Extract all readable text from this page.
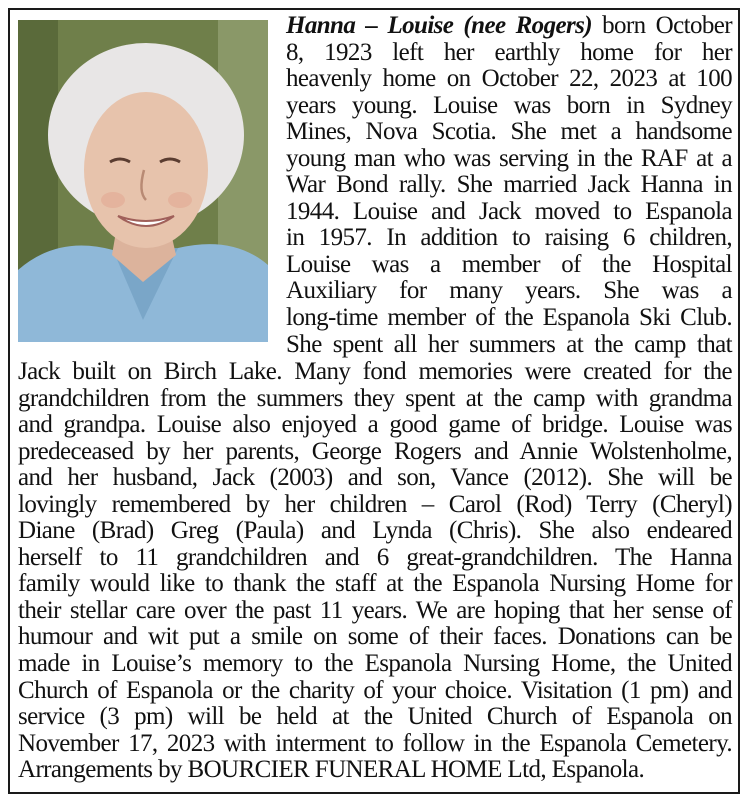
Hanna – Louise (nee Rogers) born October
8, 1923 left her earthly home for her
heavenly home on October 22, 2023 at 100
years young. Louise was born in Sydney
Mines, Nova Scotia. She met a handsome
young man who was serving in the RAF at a
War Bond rally. She married Jack Hanna in
1944. Louise and Jack moved to Espanola
in 1957. In addition to raising 6 children,
Louise was a member of the Hospital
Auxiliary for many years. She was a
long-time member of the Espanola Ski Club.
She spent all her summers at the camp that
Jack built on Birch Lake. Many fond memories were created for the
grandchildren from the summers they spent at the camp with grandma
and grandpa. Louise also enjoyed a good game of bridge. Louise was
predeceased by her parents, George Rogers and Annie Wolstenholme,
and her husband, Jack (2003) and son, Vance (2012). She will be
lovingly remembered by her children – Carol (Rod) Terry (Cheryl)
Diane (Brad) Greg (Paula) and Lynda (Chris). She also endeared
herself to 11 grandchildren and 6 great-grandchildren. The Hanna
family would like to thank the staff at the Espanola Nursing Home for
their stellar care over the past 11 years. We are hoping that her sense of
humour and wit put a smile on some of their faces. Donations can be
made in Louise’s memory to the Espanola Nursing Home, the United
Church of Espanola or the charity of your choice. Visitation (1 pm) and
service (3 pm) will be held at the United Church of Espanola on
November 17, 2023 with interment to follow in the Espanola Cemetery.
Arrangements by BOURCIER FUNERAL HOME Ltd, Espanola.
